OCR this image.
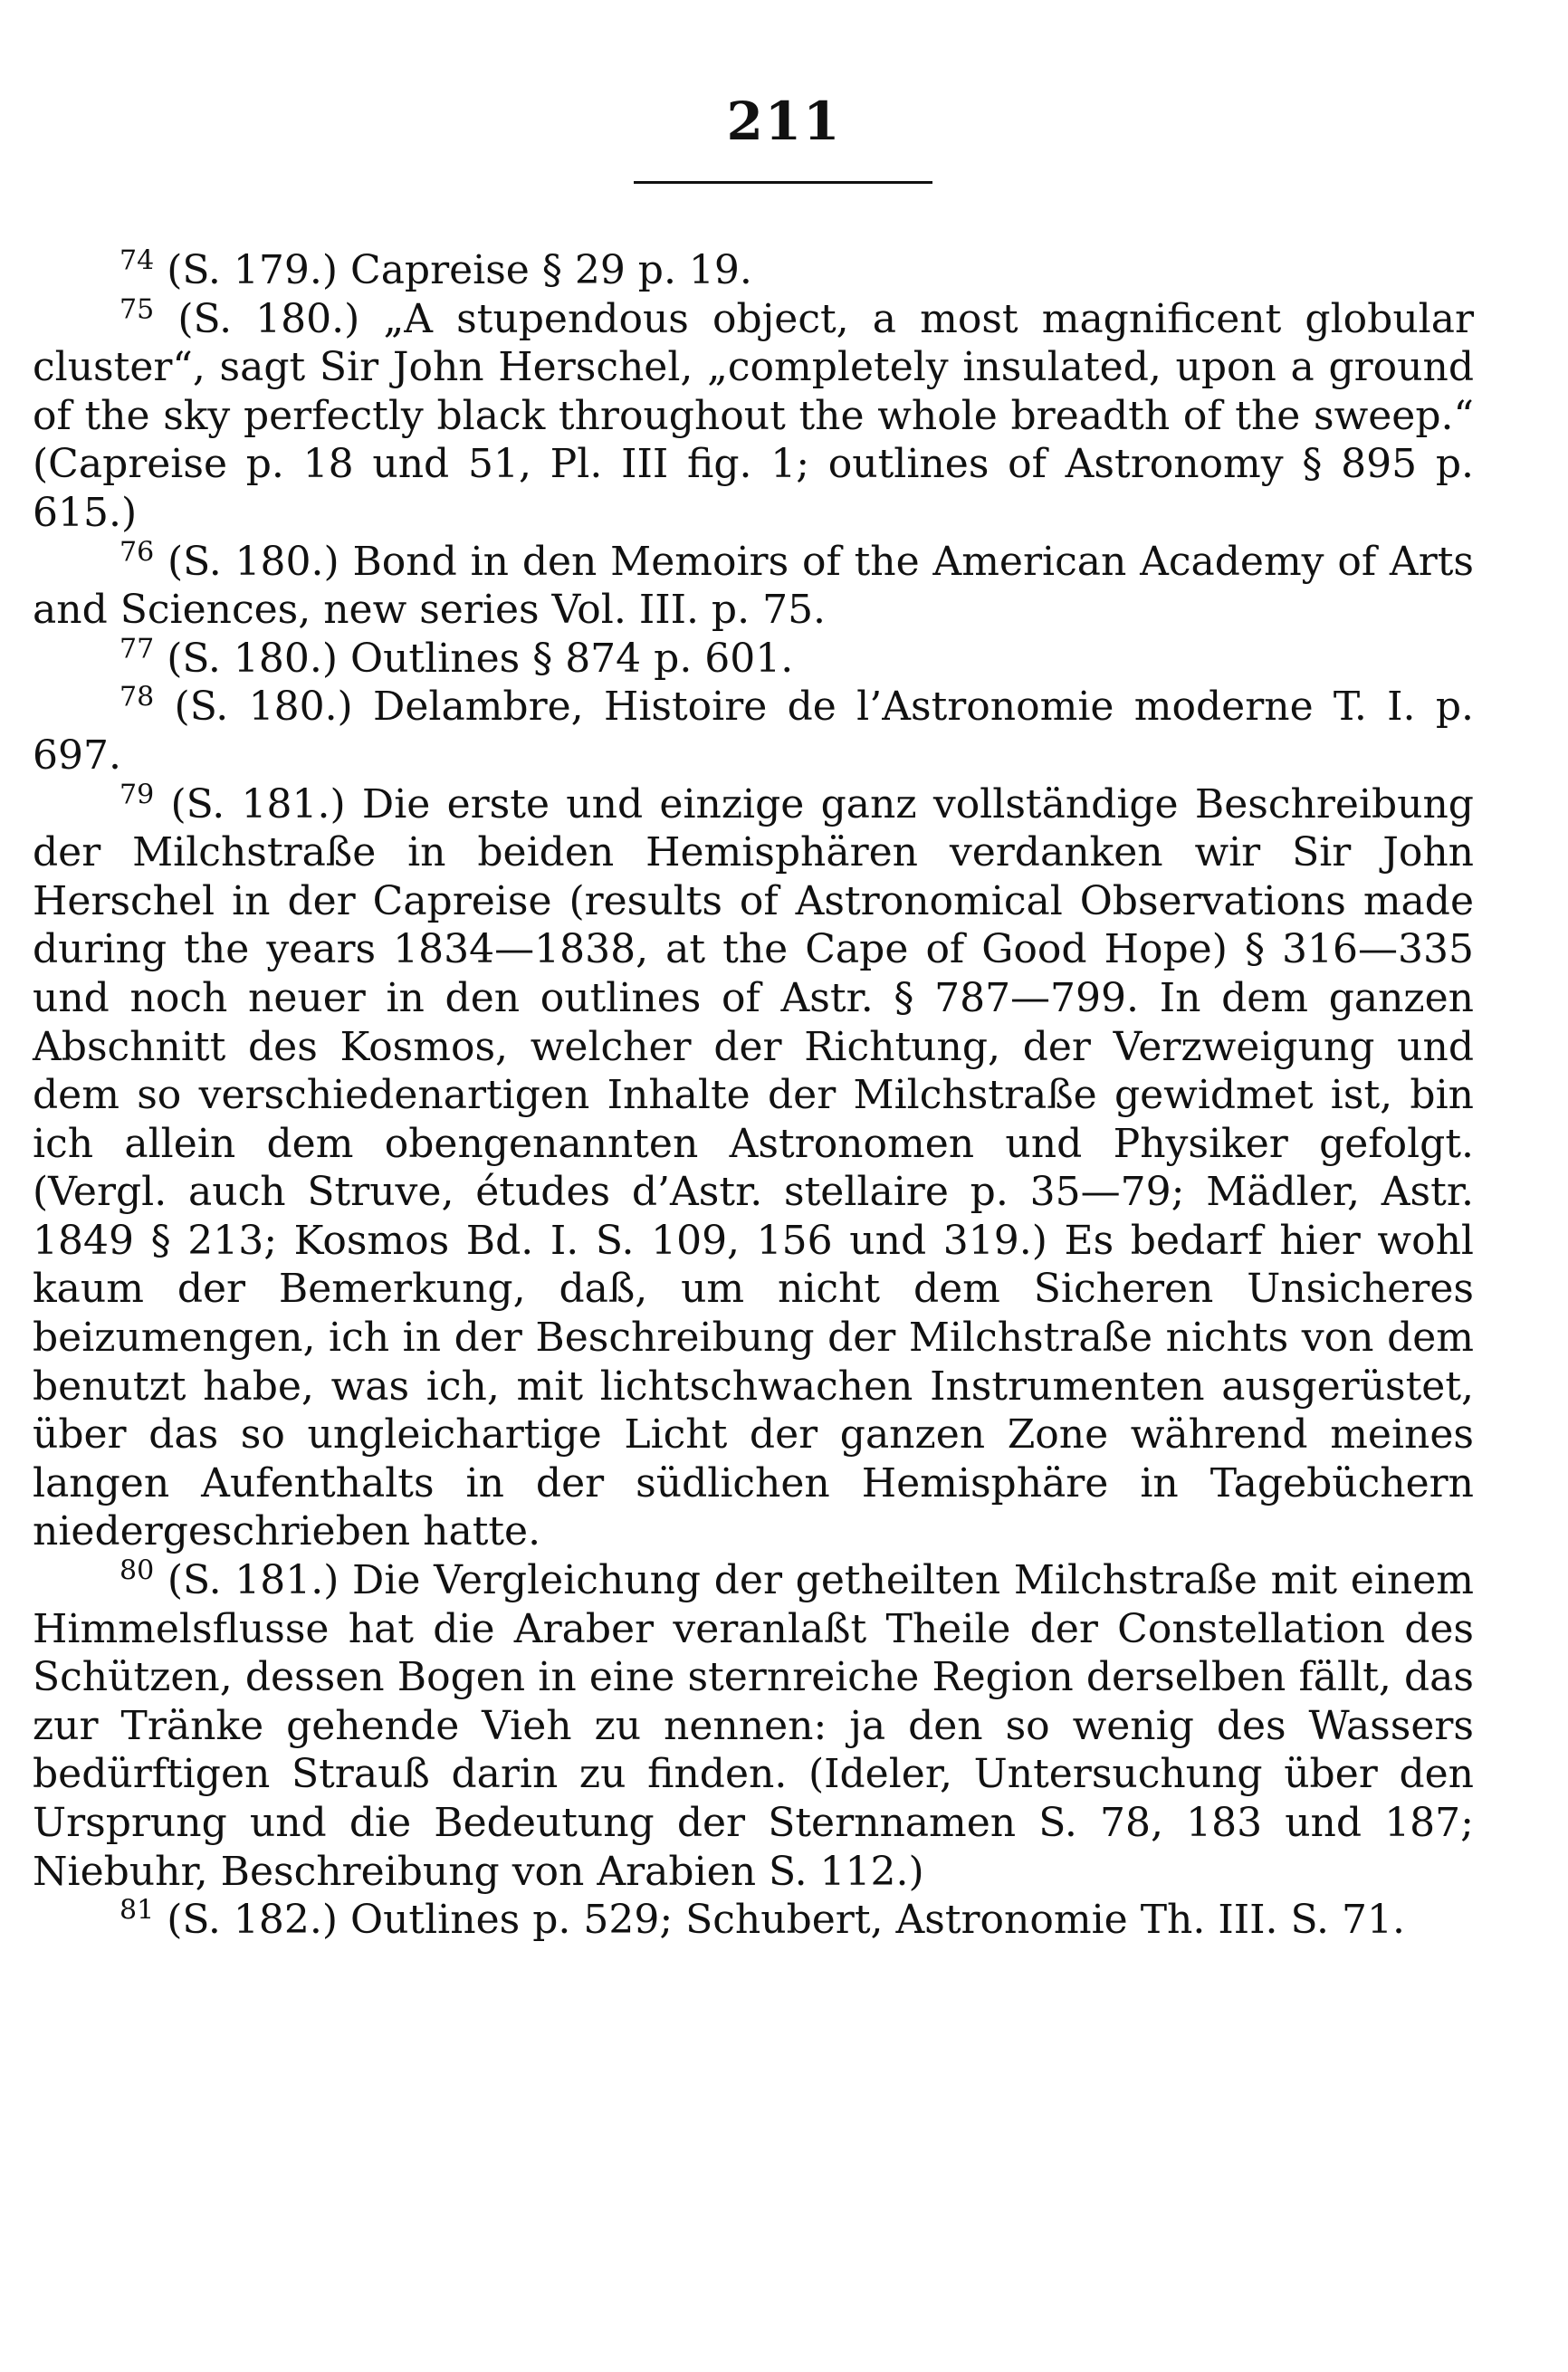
211

$^{74}$ (S. 179.) Capreise § 29 p. 19.

$^{75}$ (S. 180.) „A stupendous object, a most magnificent globular cluster“, sagt Sir John Herschel, „completely insulated, upon a ground of the sky perfectly black throughout the whole breadth of the sweep.“ (Capreise p. 18 und 51, Pl. III fig. 1; outlines of Astronomy § 895 p. 615.)

$^{76}$ (S. 180.) Bond in den Memoirs of the American Academy of Arts and Sciences, new series Vol. III. p. 75.

$^{77}$ (S. 180.) Outlines § 874 p. 601.

$^{78}$ (S. 180.) Delambre, Histoire de l’Astronomie moderne T. I. p. 697.

$^{79}$ (S. 181.) Die erste und einzige ganz vollständige Beschreibung der Milchstraße in beiden Hemisphären verdanken wir Sir John Herschel in der Capreise (results of Astronomical Observations made during the years 1834—1838, at the Cape of Good Hope) § 316—335 und noch neuer in den outlines of Astr. § 787—799. In dem ganzen Abschnitt des Kosmos, welcher der Richtung, der Verzweigung und dem so verschiedenartigen Inhalte der Milchstraße gewidmet ist, bin ich allein dem obengenannten Astronomen und Physiker gefolgt. (Vergl. auch Struve, études d’Astr. stellaire p. 35—79; Mädler, Astr. 1849 § 213; Kosmos Bd. I. S. 109, 156 und 319.) Es bedarf hier wohl kaum der Bemerkung, daß, um nicht dem Sicheren Unsicheres beizumengen, ich in der Beschreibung der Milchstraße nichts von dem benutzt habe, was ich, mit lichtschwachen Instrumenten ausgerüstet, über das so ungleichartige Licht der ganzen Zone während meines langen Aufenthalts in der südlichen Hemisphäre in Tagebüchern niedergeschrieben hatte.

$^{80}$ (S. 181.) Die Vergleichung der getheilten Milchstraße mit einem Himmelsflusse hat die Araber veranlaßt Theile der Constellation des Schützen, dessen Bogen in eine sternreiche Region derselben fällt, das zur Tränke gehende Vieh zu nennen: ja den so wenig des Wassers bedürftigen Strauß darin zu finden. (Ideler, Untersuchung über den Ursprung und die Bedeutung der Sternnamen S. 78, 183 und 187; Niebuhr, Beschreibung von Arabien S. 112.)

$^{81}$ (S. 182.) Outlines p. 529; Schubert, Astronomie Th. III. S. 71.
